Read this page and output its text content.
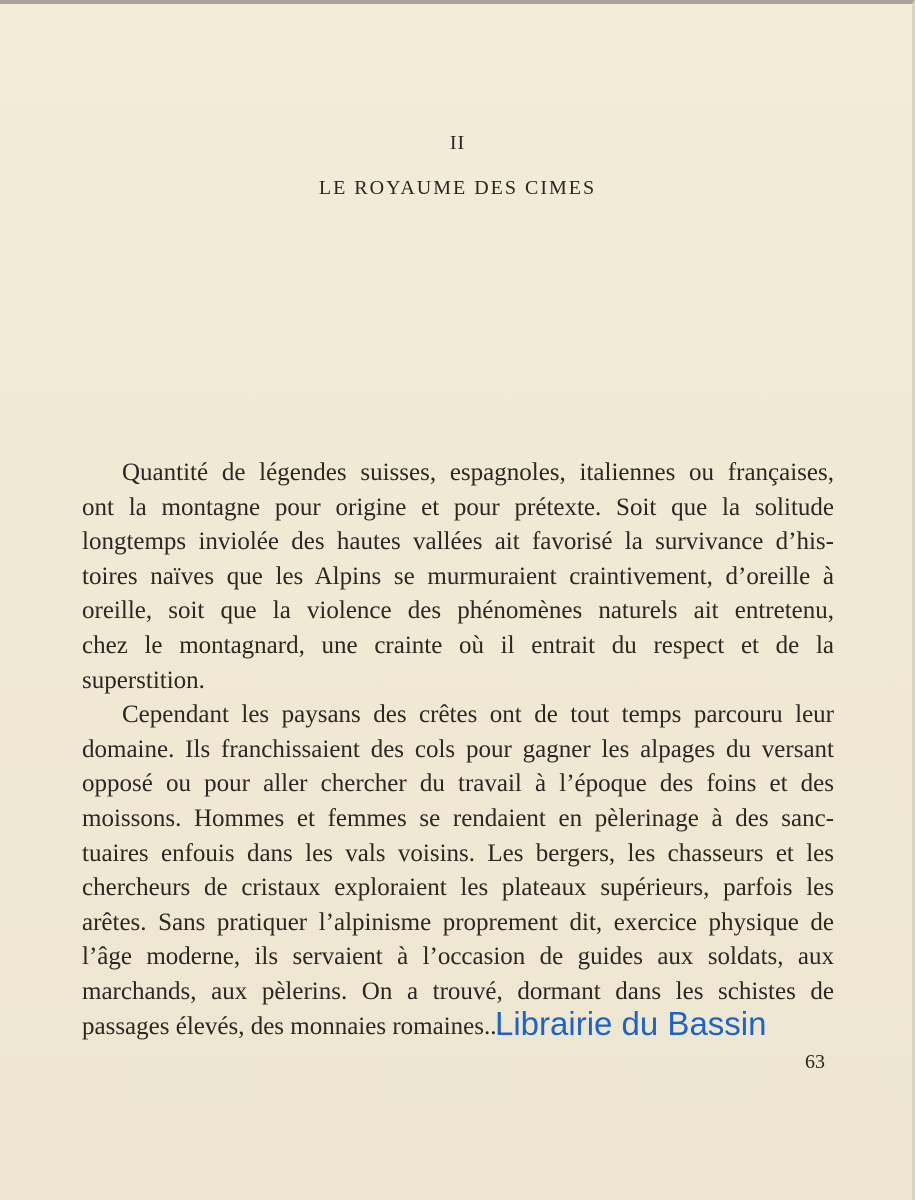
II
LE ROYAUME DES CIMES

Quantité de légendes suisses, espagnoles, italiennes ou françaises,
ont la montagne pour origine et pour prétexte. Soit que la solitude
longtemps inviolée des hautes vallées ait favorisé la survivance d’his-
toires naïves que les Alpins se murmuraient craintivement, d’oreille à
oreille, soit que la violence des phénomènes naturels ait entretenu,
chez le montagnard, une crainte où il entrait du respect et de la
superstition.

Cependant les paysans des crêtes ont de tout temps parcouru leur
domaine. Ils franchissaient des cols pour gagner les alpages du versant
opposé ou pour aller chercher du travail à l’époque des foins et des
moissons. Hommes et femmes se rendaient en pèlerinage à des sanc-
tuaires enfouis dans les vals voisins. Les bergers, les chasseurs et les
chercheurs de cristaux exploraient les plateaux supérieurs, parfois les
arêtes. Sans pratiquer l’alpinisme proprement dit, exercice physique de
l’âge moderne, ils servaient à l’occasion de guides aux soldats, aux
marchands, aux pèlerins. On a trouvé, dormant dans les schistes de
passages élevés, des monnaies romaines...

Librairie du Bassin
63
